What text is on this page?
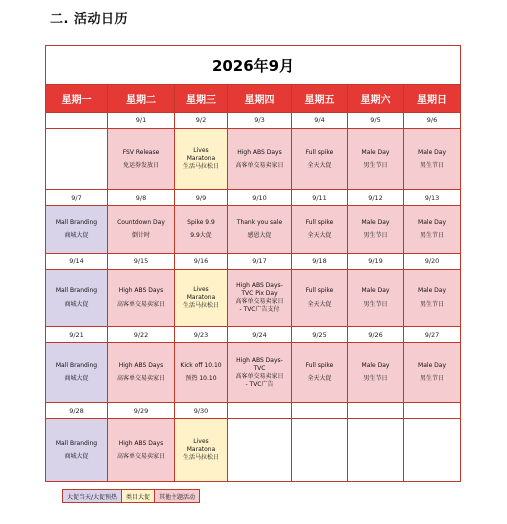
二. 活动日历
2026年9月						
星期一	星期二	星期三	星期四	星期五	星期六	星期日
	9/1	9/2	9/3	9/4	9/5	9/6

	FSV Release
免运券发放日	Lives
Maratona
生活马拉松日	High ABS Days
高客单交易卖家日	Full spike
全天大促	Male Day
男生节日	Male Day
男生节日

9/7	9/8	9/9	9/10	9/11	9/12	9/13

Mall Branding
商城大促	Countdown Day
倒计时	Spike 9.9
9.9大促	Thank you sale
感恩大促	Full spike
全天大促	Male Day
男生节日	Male Day
男生节日

9/14	9/15	9/16	9/17	9/18	9/19	9/20

Mall Branding
商城大促	High ABS Days
高客单交易卖家日	Lives
Maratona
生活马拉松日	High ABS Days-
TVC Pix Day
高客单交易卖家日
- TVC广告支付	Full spike
全天大促	Male Day
男生节日	Male Day
男生节日

9/21	9/22	9/23	9/24	9/25	9/26	9/27

Mall Branding
商城大促	High ABS Days
高客单交易卖家日	Kick off 10.10
预热 10.10	High ABS Days-
TVC
高客单交易卖家日
- TVC广告	Full spike
全天大促	Male Day
男生节日	Male Day
男生节日

9/28	9/29	9/30				

Mall Branding
商城大促	High ABS Days
高客单交易卖家日	Lives
Maratona
生活马拉松日				

大促当天/大促预热	类目大促	其他主题活动
